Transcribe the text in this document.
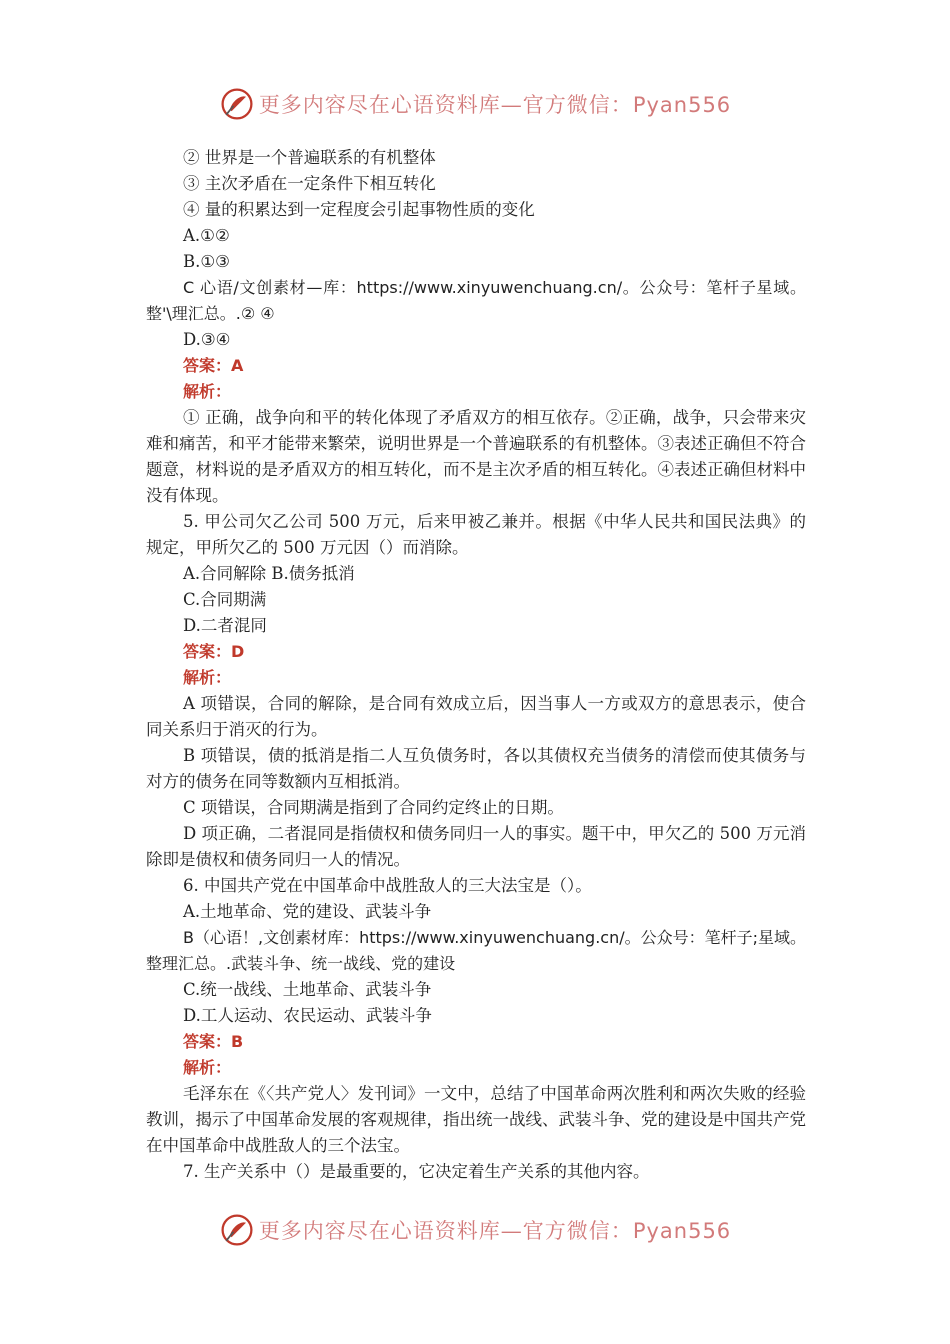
更多内容尽在心语资料库—官方微信：Pyan556

② 世界是一个普遍联系的有机整体

③ 主次矛盾在一定条件下相互转化

④ 量的积累达到一定程度会引起事物性质的变化

A.①②

B.①③

C 心语/文创素材—库：https://www.xinyuwenchuang.cn/。公众号：笔杆子星域。整'\理汇总。.② ④

D.③④

答案：A

解析：

① 正确，战争向和平的转化体现了矛盾双方的相互依存。②正确，战争，只会带来灾难和痛苦，和平才能带来繁荣，说明世界是一个普遍联系的有机整体。③表述正确但不符合题意，材料说的是矛盾双方的相互转化，而不是主次矛盾的相互转化。④表述正确但材料中没有体现。

5. 甲公司欠乙公司 500 万元，后来甲被乙兼并。根据《中华人民共和国民法典》的规定，甲所欠乙的 500 万元因（）而消除。

A.合同解除 B.债务抵消

C.合同期满

D.二者混同

答案：D

解析：

A 项错误，合同的解除，是合同有效成立后，因当事人一方或双方的意思表示，使合同关系归于消灭的行为。

B 项错误，债的抵消是指二人互负债务时，各以其债权充当债务的清偿而使其债务与对方的债务在同等数额内互相抵消。

C 项错误，合同期满是指到了合同约定终止的日期。

D 项正确，二者混同是指债权和债务同归一人的事实。题干中，甲欠乙的 500 万元消除即是债权和债务同归一人的情况。

6. 中国共产党在中国革命中战胜敌人的三大法宝是（）。

A.土地革命、党的建设、武装斗争

B（心语！,文创素材库：https://www.xinyuwenchuang.cn/。公众号：笔杆子;星域。整理汇总。.武装斗争、统一战线、党的建设

C.统一战线、土地革命、武装斗争

D.工人运动、农民运动、武装斗争

答案：B

解析：

毛泽东在《〈共产党人〉发刊词》一文中，总结了中国革命两次胜利和两次失败的经验教训，揭示了中国革命发展的客观规律，指出统一战线、武装斗争、党的建设是中国共产党在中国革命中战胜敌人的三个法宝。

7. 生产关系中（）是最重要的，它决定着生产关系的其他内容。

更多内容尽在心语资料库—官方微信：Pyan556
